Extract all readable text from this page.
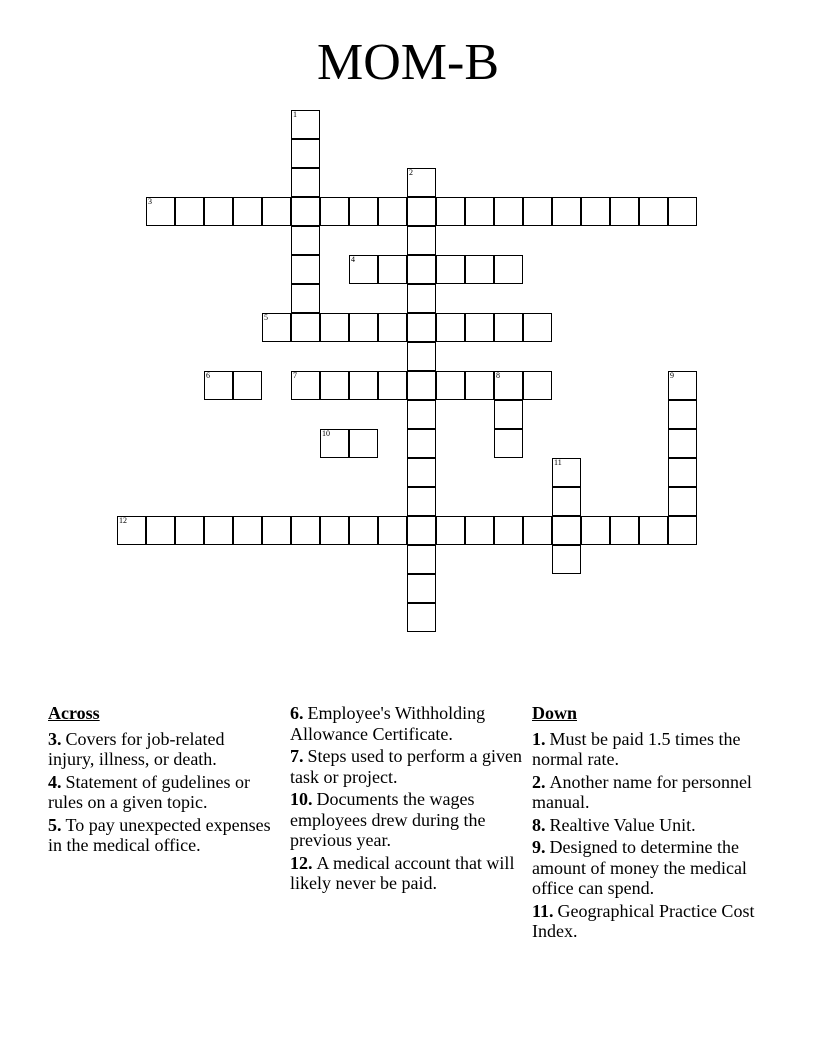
MOM-B
1
2
3
4
5
6	7	8	9
10
11
12
Across
3. Covers for job-related injury, illness, or death.
4. Statement of gudelines or rules on a given topic.
5. To pay unexpected expenses in the medical office.
6. Employee's Withholding Allowance Certificate.
7. Steps used to perform a given task or project.
10. Documents the wages employees drew during the previous year.
12. A medical account that will likely never be paid.
Down
1. Must be paid 1.5 times the normal rate.
2. Another name for personnel manual.
8. Realtive Value Unit.
9. Designed to determine the amount of money the medical office can spend.
11. Geographical Practice Cost Index.
